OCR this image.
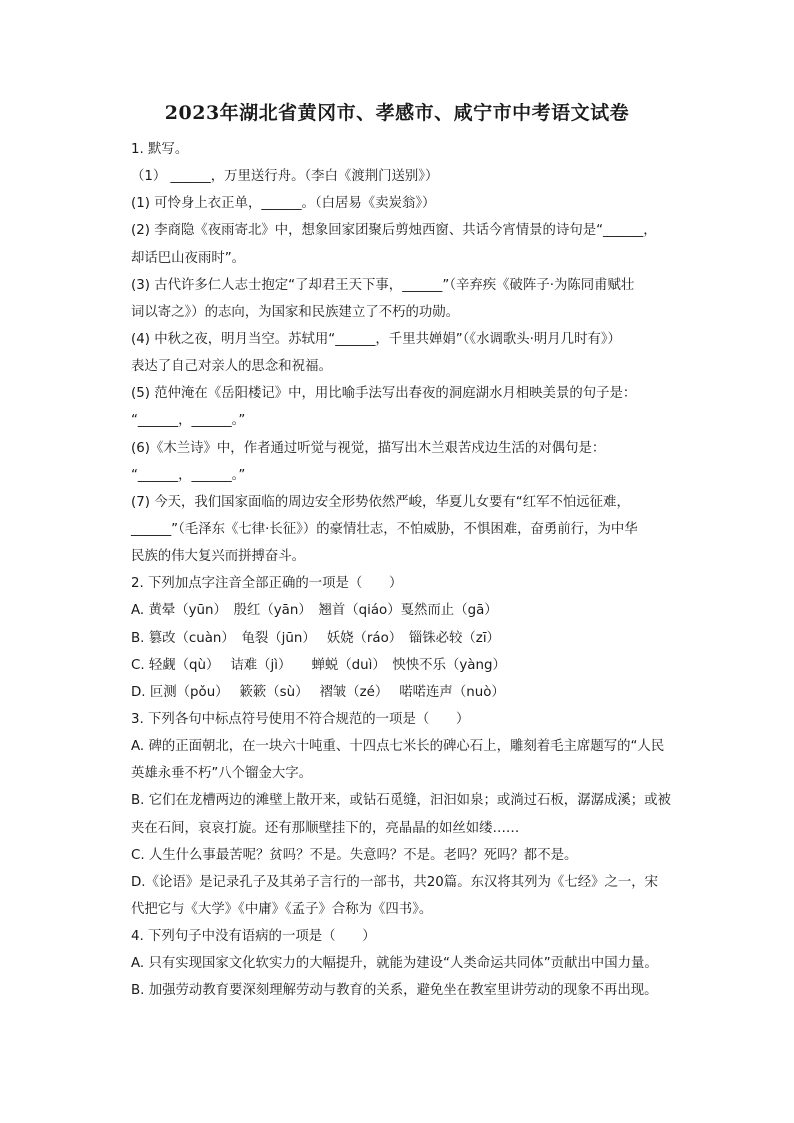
2023年湖北省黄冈市、孝感市、咸宁市中考语文试卷
1. 默写。
（1） ______，万里送行舟。（李白《渡荆门送别》）
(1) 可怜身上衣正单，______。（白居易《卖炭翁》）
(2) 李商隐《夜雨寄北》中，想象回家团聚后剪烛西窗、共话今宵情景的诗句是“______，
却话巴山夜雨时”。
(3) 古代许多仁人志士抱定“了却君王天下事，______”（辛弃疾《破阵子·为陈同甫赋壮
词以寄之》）的志向，为国家和民族建立了不朽的功勋。
(4) 中秋之夜，明月当空。苏轼用“______，千里共婵娟”（《水调歌头·明月几时有》）
表达了自己对亲人的思念和祝福。
(5) 范仲淹在《岳阳楼记》中，用比喻手法写出春夜的洞庭湖水月相映美景的句子是：
“______，______。”
(6)《木兰诗》中，作者通过听觉与视觉，描写出木兰艰苦戍边生活的对偶句是：
“______，______。”
(7) 今天，我们国家面临的周边安全形势依然严峻，华夏儿女要有“红军不怕远征难，
______”（毛泽东《七律·长征》）的豪情壮志，不怕威胁，不惧困难，奋勇前行，为中华
民族的伟大复兴而拼搏奋斗。
2. 下列加点字注音全部正确的一项是（　　）
A. 黄晕（yūn）　殷红（yān）　翘首（qiáo）戛然而止（gā）
B. 篡改（cuàn）　龟裂（jūn）　 妖娆（ráo）　锱铢必较（zī）
C. 轻觑（qù）　 诘难（jì）　　蝉蜕（duì）　怏怏不乐（yàng）
D. 叵测（pǒu）　 簌簌（sù）　 褶皱（zé）　 喏喏连声（nuò）
3. 下列各句中标点符号使用不符合规范的一项是（　　）
A. 碑的正面朝北，在一块六十吨重、十四点七米长的碑心石上，雕刻着毛主席题写的“人民
英雄永垂不朽”八个镏金大字。
B. 它们在龙槽两边的滩壁上散开来，或钻石觅缝，汩汩如泉；或淌过石板，潺潺成溪；或被
夹在石间，哀哀打旋。还有那顺壁挂下的，亮晶晶的如丝如缕……
C. 人生什么事最苦呢？贫吗？不是。失意吗？不是。老吗？死吗？都不是。
D.《论语》是记录孔子及其弟子言行的一部书，共20篇。东汉将其列为《七经》之一，宋
代把它与《大学》《中庸》《孟子》合称为《四书》。
4. 下列句子中没有语病的一项是（　　）
A. 只有实现国家文化软实力的大幅提升，就能为建设“人类命运共同体”贡献出中国力量。
B. 加强劳动教育要深刻理解劳动与教育的关系，避免坐在教室里讲劳动的现象不再出现。
